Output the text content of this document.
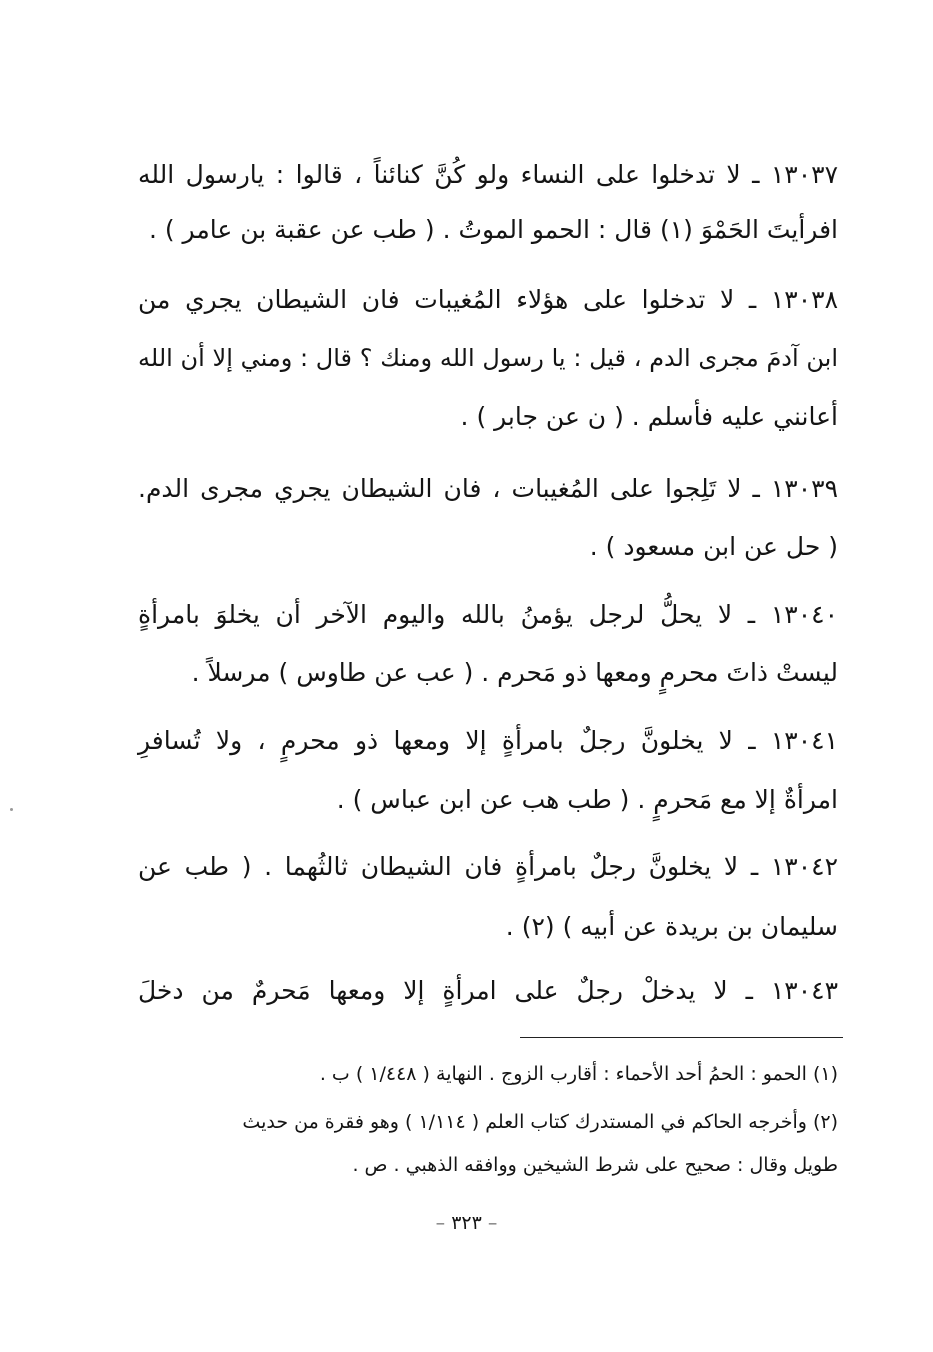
١٣٠٣٧ ـ لا تدخلوا على النساء ولو كُنَّ كنائناً ، قالوا : يارسول الله
افرأيتَ الحَمْوَ (١) قال : الحمو الموتُ . ( طب عن عقبة بن عامر ) .
١٣٠٣٨ ـ لا تدخلوا على هؤلاء المُغيبات فان الشيطان يجري من
ابن آدمَ مجرى الدم ، قيل : يا رسول الله ومنك ؟ قال : ومني إلا أن الله
أعانني عليه فأسلم . ( ن عن جابر ) .
١٣٠٣٩ ـ لا تَلِجوا على المُغيبات ، فان الشيطان يجري مجرى الدم.
( حل عن ابن مسعود ) .
١٣٠٤٠ ـ لا يحلُّ لرجل يؤمنُ بالله واليوم الآخر أن يخلوَ بامرأةٍ
ليستْ ذاتَ محرمٍ ومعها ذو مَحرم . ( عب عن طاوس ) مرسلاً .
١٣٠٤١ ـ لا يخلونَّ رجلٌ بامرأةٍ إلا ومعها ذو محرمٍ ، ولا تُسافرِ
امرأةٌ إلا مع مَحرمٍ . ( طب هب عن ابن عباس ) .
١٣٠٤٢ ـ لا يخلونَّ رجلٌ بامرأةٍ فان الشيطان ثالثُهما . ( طب عن
سليمان بن بريدة عن أبيه ) (٢) .
١٣٠٤٣ ـ لا يدخلْ رجلٌ على امرأةٍ إلا ومعها مَحرمٌ من دخلَ
(١) الحمو : الحمُ أحد الأحماء : أقارب الزوج . النهاية ( ١/٤٤٨ ) ب .
(٢) وأخرجه الحاكم في المستدرك كتاب العلم ( ١/١١٤ ) وهو فقرة من حديث
طويل وقال : صحيح على شرط الشيخين ووافقه الذهبي . ص .
– ٣٢٣ –
